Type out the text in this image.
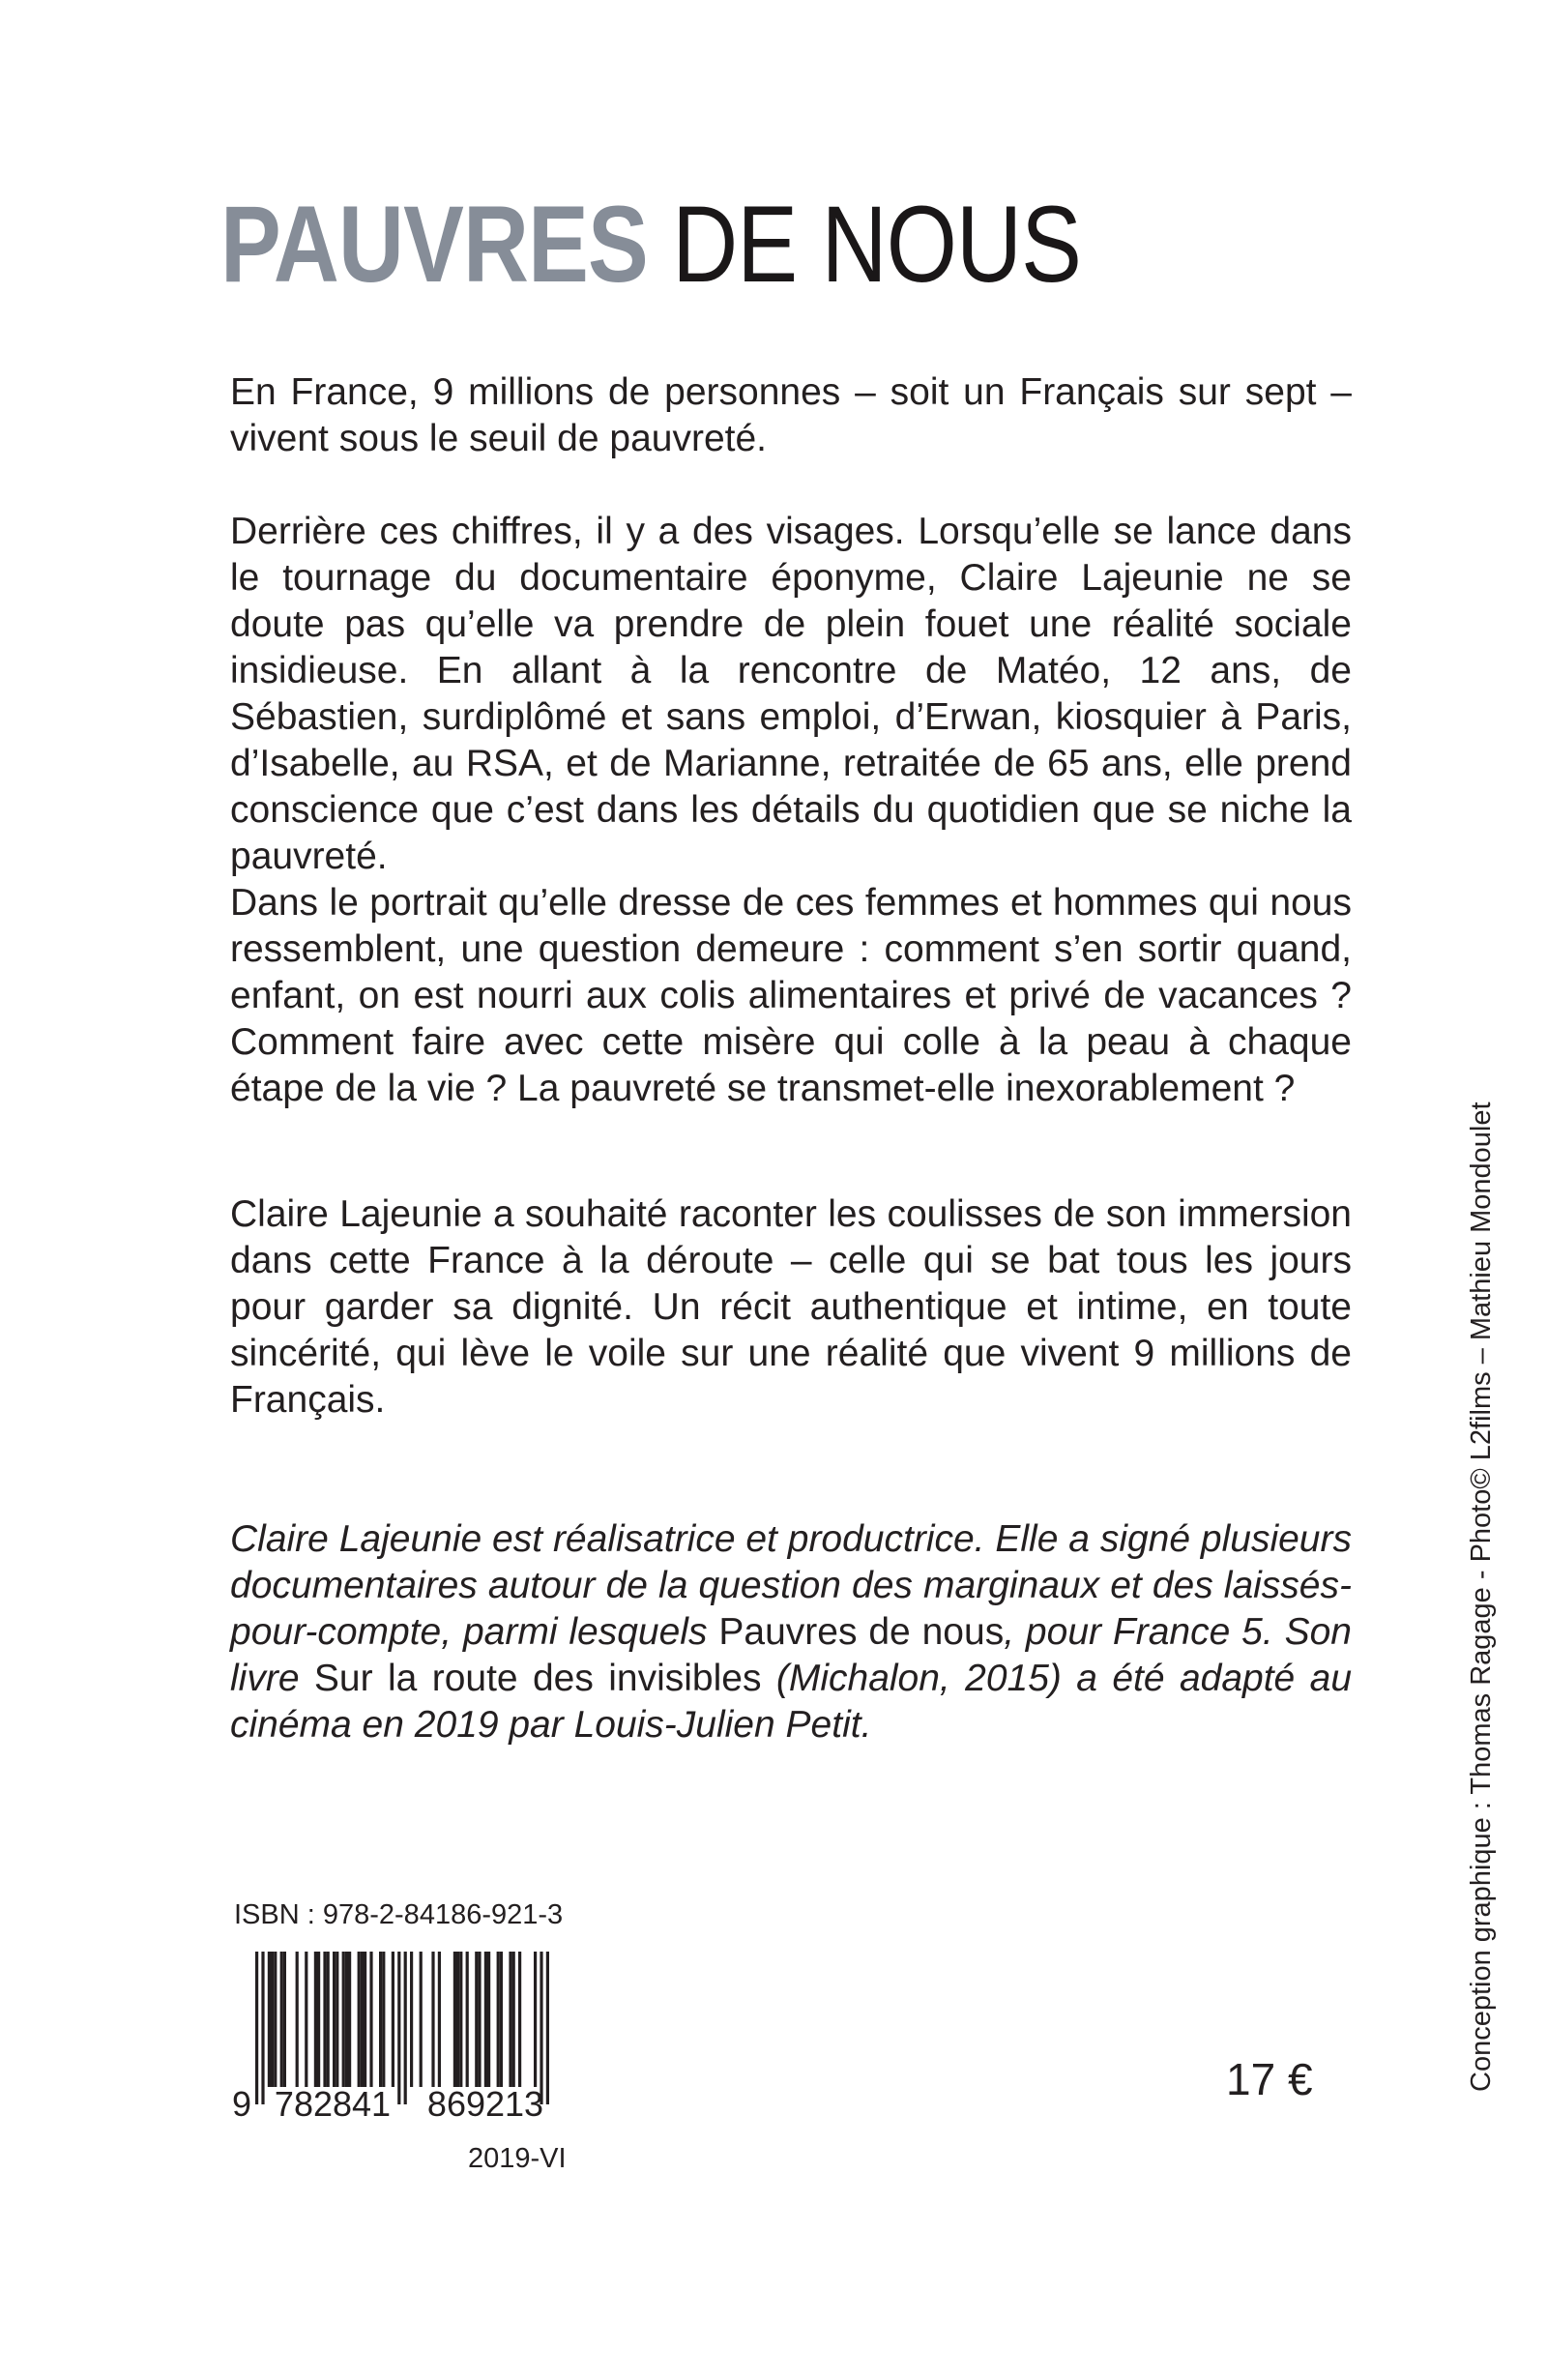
PAUVRES DE NOUS

En France, 9 millions de personnes – soit un Français sur sept – vivent sous le seuil de pauvreté.

Derrière ces chiffres, il y a des visages. Lorsqu’elle se lance dans le tournage du documentaire éponyme, Claire Lajeunie ne se doute pas qu’elle va prendre de plein fouet une réalité sociale insidieuse. En allant à la rencontre de Matéo, 12 ans, de Sébastien, surdiplômé et sans emploi, d’Erwan, kiosquier à Paris, d’Isabelle, au RSA, et de Marianne, retraitée de 65 ans, elle prend conscience que c’est dans les détails du quotidien que se niche la pauvreté.
Dans le portrait qu’elle dresse de ces femmes et hommes qui nous ressemblent, une question demeure : comment s’en sortir quand, enfant, on est nourri aux colis alimentaires et privé de vacances ? Comment faire avec cette misère qui colle à la peau à chaque étape de la vie ? La pauvreté se transmet-elle inexorablement ?

Claire Lajeunie a souhaité raconter les coulisses de son immersion dans cette France à la déroute – celle qui se bat tous les jours pour garder sa dignité. Un récit authentique et intime, en toute sincérité, qui lève le voile sur une réalité que vivent 9 millions de Français.

Claire Lajeunie est réalisatrice et productrice. Elle a signé plusieurs documentaires autour de la question des marginaux et des laissés-pour-compte, parmi lesquels Pauvres de nous, pour France 5. Son livre Sur la route des invisibles (Michalon, 2015) a été adapté au cinéma en 2019 par Louis-Julien Petit.

ISBN : 978-2-84186-921-3
9 782841 869213	17 €
2019-VI
Conception graphique : Thomas Ragage - Photo© L2films – Mathieu Mondoulet
